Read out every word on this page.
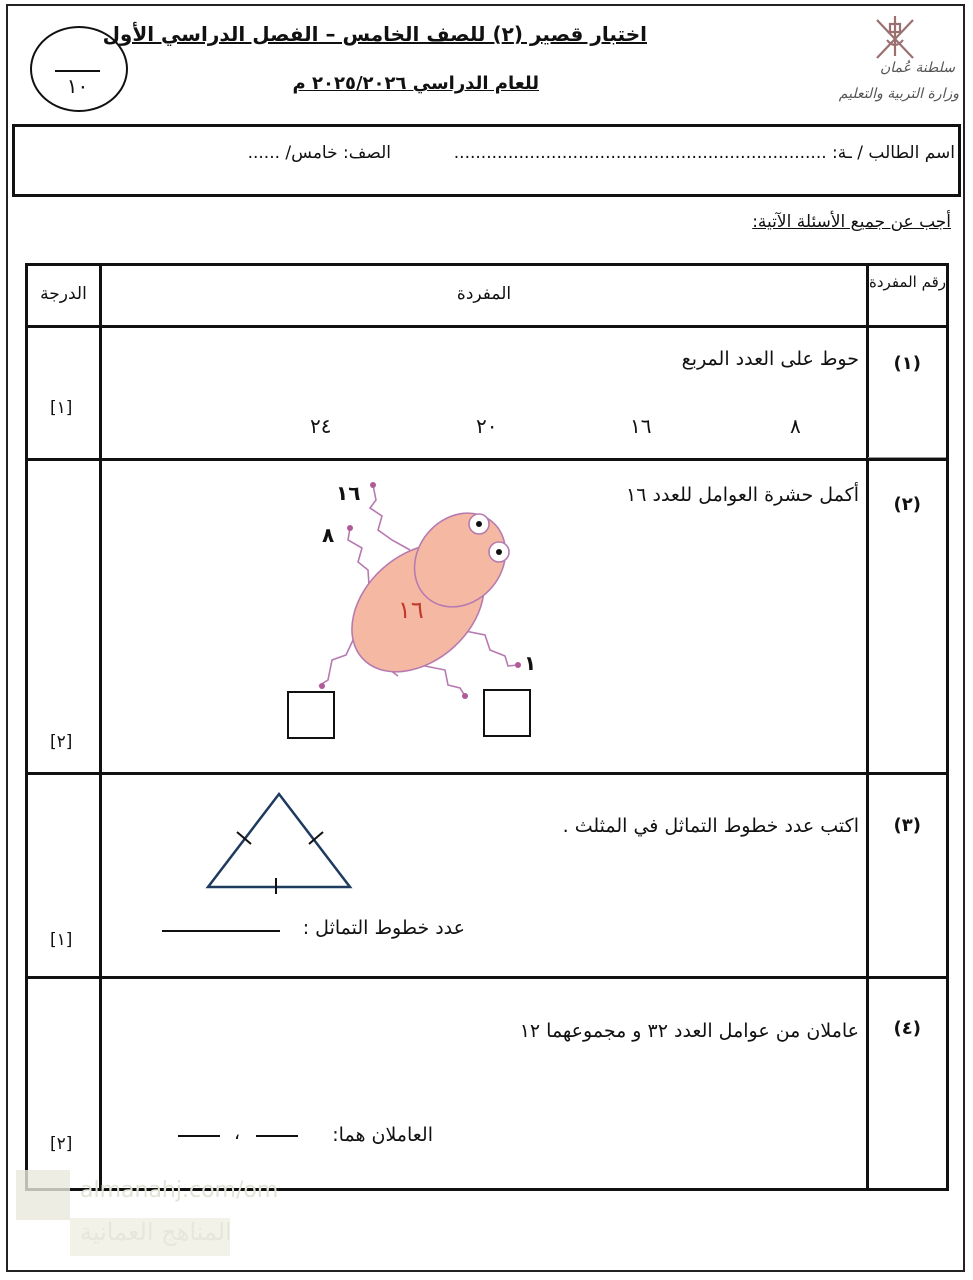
اختبار قصير (٢) للصف الخامس – الفصل الدراسي الأول
للعام الدراسي ٢٠٢٥/٢٠٢٦ م
١٠
سلطنة عُمان
وزارة التربية والتعليم
اسم الطالب / ـة: .....................................................................
الصف: خامس/ ......
أجب عن جميع الأسئلة الآتية:
رقم المفردة
المفردة
الدرجة
(١)
حوط على العدد المربع
[١]
٨
١٦
٢٠
٢٤
(٢)
أكمل حشرة العوامل للعدد ١٦
[٢]
١٦
١٦
٨
١
(٣)
اكتب عدد خطوط التماثل في المثلث .
[١]
عدد خطوط التماثل :
(٤)
عاملان من عوامل العدد ٣٢ و مجموعهما ١٢
[٢]	العاملان هما:
،
almanahj.com/om
المناهج العمانية
